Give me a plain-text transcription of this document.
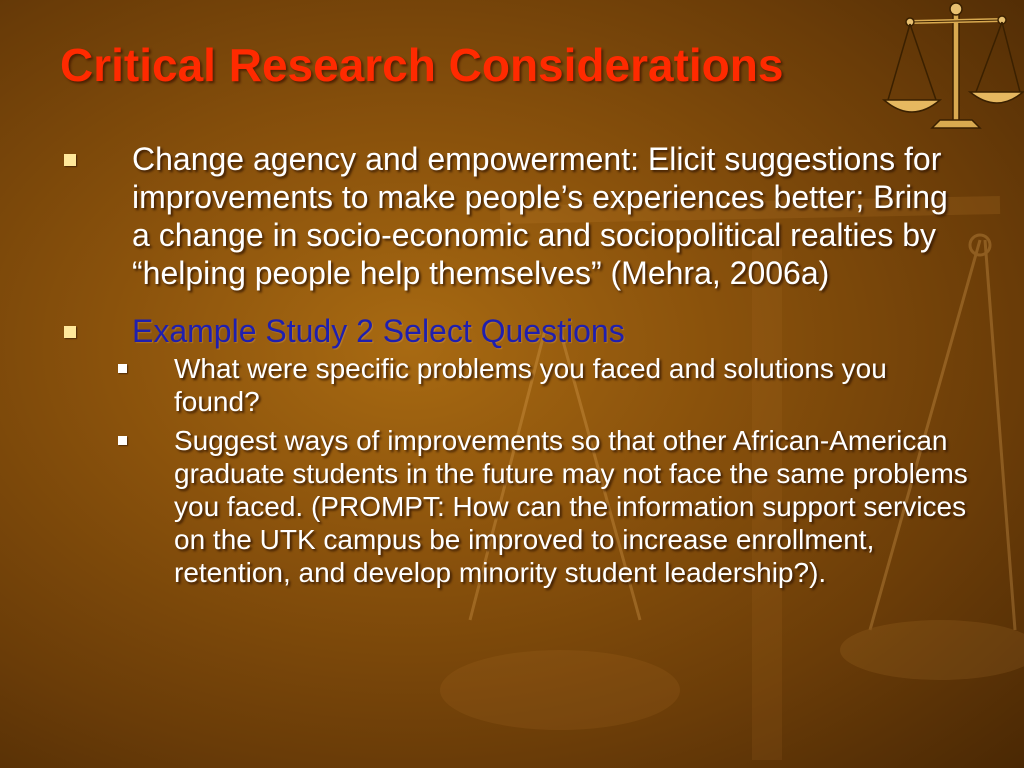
Critical Research Considerations
Change agency and empowerment: Elicit suggestions for improvements to make people’s experiences better; Bring a change in socio-economic and sociopolitical realties by “helping people help themselves” (Mehra, 2006a)
Example Study 2 Select Questions
What were specific problems you faced and solutions you found?
Suggest ways of improvements so that other African-American graduate students in the future may not face the same problems you faced. (PROMPT: How can the information support services on the UTK campus be improved to increase enrollment, retention, and develop minority student leadership?).
